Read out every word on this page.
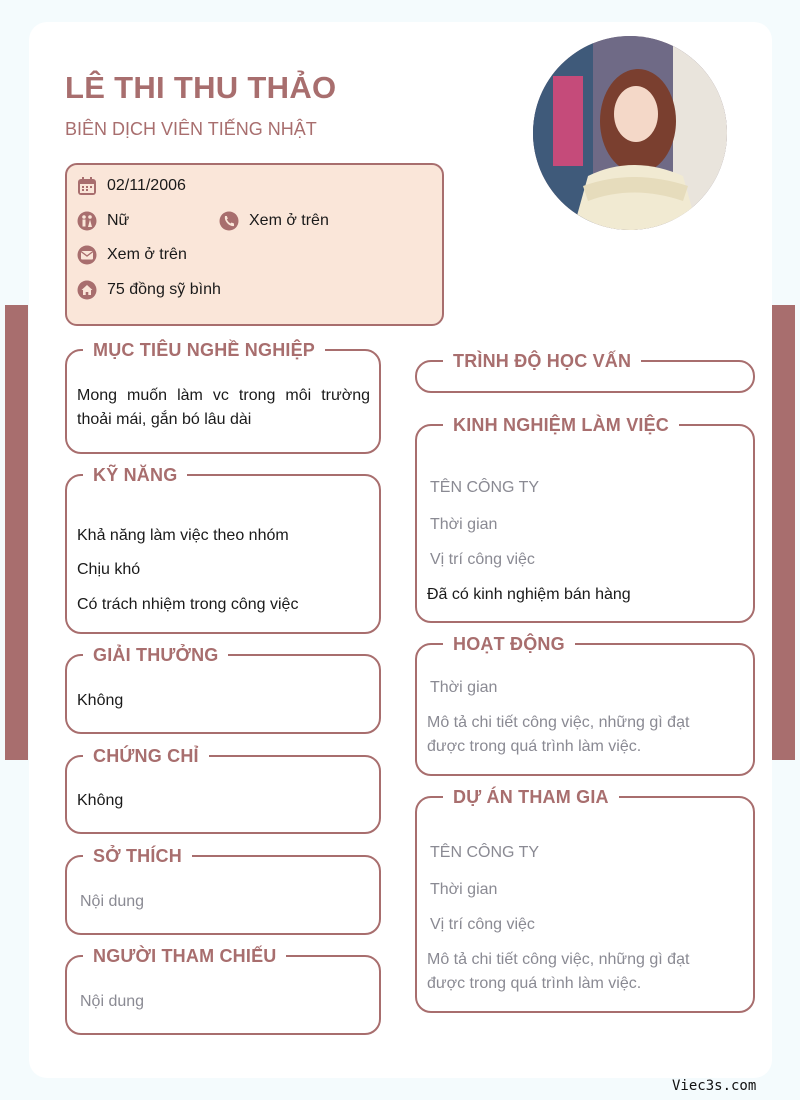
LÊ THI THU THẢO
BIÊN DỊCH VIÊN TIẾNG NHẬT
02/11/2006
Nữ	Xem ở trên
Xem ở trên
75 đồng sỹ bình
MỤC TIÊU NGHỀ NGHIỆP
Mong muốn làm vc trong môi trường thoải mái, gắn bó lâu dài
KỸ NĂNG
Khả năng làm việc theo nhóm
Chịu khó
Có trách nhiệm trong công việc
GIẢI THƯỞNG
Không
CHỨNG CHỈ
Không
SỞ THÍCH
Nội dung
NGƯỜI THAM CHIẾU
Nội dung
TRÌNH ĐỘ HỌC VẤN
KINH NGHIỆM LÀM VIỆC
TÊN CÔNG TY
Thời gian
Vị trí công việc
Đã có kinh nghiệm bán hàng
HOẠT ĐỘNG
Thời gian
Mô tả chi tiết công việc, những gì đạt được trong quá trình làm việc.
DỰ ÁN THAM GIA
TÊN CÔNG TY
Thời gian
Vị trí công việc
Mô tả chi tiết công việc, những gì đạt được trong quá trình làm việc.
Viec3s.com
